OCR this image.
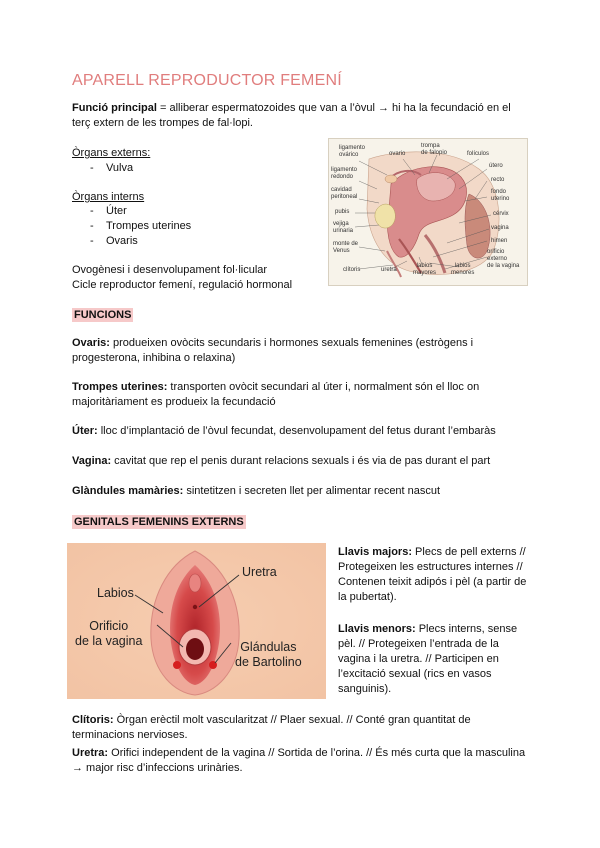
APARELL REPRODUCTOR FEMENÍ
Funció principal = alliberar espermatozoides que van a l’òvul → hi ha la fecundació en el terç extern de les trompes de fal·lopi.
Òrgans externs:
- Vulva
Òrgans interns
- Úter
- Trompes uterines
- Ovaris
Ovogènesi i desenvolupament fol·licular
Cicle reproductor femení, regulació hormonal
ligamento
ovárico	ovario
trompa
de falopio	folículos
ligamento
redondo
cavidad
peritoneal
útero
recto
fondo
uterino
pubis	cérvix
vejiga
urinaria	vagina
monte de
Venus
himen
clítoris	uretra
labios
mayores
labios
menores
orificio
externo
de la vagina
FUNCIONS
Ovaris: produeixen ovòcits secundaris i hormones sexuals femenines (estrògens i progesterona, inhibina o relaxina)
Trompes uterines: transporten ovòcit secundari al úter i, normalment són el lloc on majoritàriament es produeix la fecundació
Úter: lloc d’implantació de l’òvul fecundat, desenvolupament del fetus durant l’embaràs
Vagina: cavitat que rep el penis durant relacions sexuals i és via de pas durant el part
Glàndules mamàries: sintetitzen i secreten llet per alimentar recent nascut
GENITALS FEMENINS EXTERNS
Uretra
Labios
Orificio
de la vagina	Glándulas
de Bartolino
Llavis majors: Plecs de pell externs // Protegeixen les estructures internes // Contenen teixit adipós i pèl (a partir de la pubertat).
Llavis menors: Plecs interns, sense pèl. // Protegeixen l’entrada de la vagina i la uretra. // Participen en l’excitació sexual (rics en vasos sanguinis).
Clítoris: Òrgan erèctil molt vascularitzat // Plaer sexual. // Conté gran quantitat de terminacions nervioses.
Uretra: Orifici independent de la vagina // Sortida de l’orina. // És més curta que la masculina → major risc d’infeccions urinàries.
